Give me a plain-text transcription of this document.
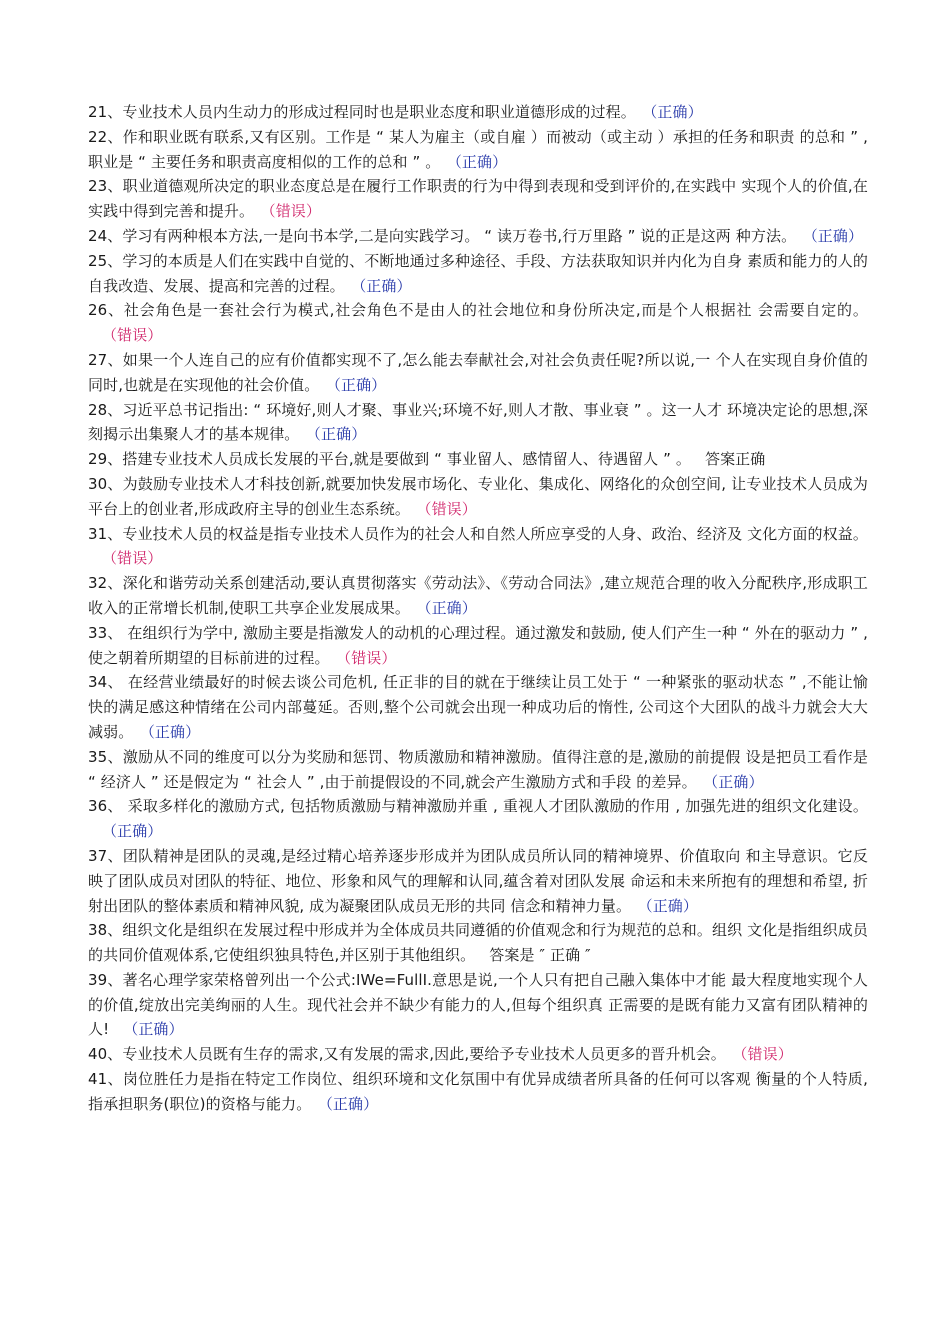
21、专业技术人员内生动力的形成过程同时也是职业态度和职业道德形成的过程。 （正确）

22、作和职业既有联系,又有区别。工作是 “ 某人为雇主（或自雇 ）而被动（或主动 ）承担的任务和职责 的总和 ” ,职业是 “ 主要任务和职责高度相似的工作的总和 ” 。 （正确）

23、职业道德观所决定的职业态度总是在履行工作职责的行为中得到表现和受到评价的,在实践中 实现个人的价值,在实践中得到完善和提升。 （错误）

24、学习有两种根本方法,一是向书本学,二是向实践学习。 “ 读万卷书,行万里路 ” 说的正是这两 种方法。 （正确）

25、学习的本质是人们在实践中自觉的、不断地通过多种途径、手段、方法获取知识并内化为自身 素质和能力的人的自我改造、发展、提高和完善的过程。 （正确）

26、社会角色是一套社会行为模式,社会角色不是由人的社会地位和身份所决定,而是个人根据社 会需要自定的。（错误）

27、如果一个人连自己的应有价值都实现不了,怎么能去奉献社会,对社会负责任呢?所以说,一 个人在实现自身价值的同时,也就是在实现他的社会价值。 （正确）

28、习近平总书记指出: “ 环境好,则人才聚、事业兴;环境不好,则人才散、事业衰 ” 。这一人才 环境决定论的思想,深刻揭示出集聚人才的基本规律。 （正确）

29、搭建专业技术人员成长发展的平台,就是要做到 “ 事业留人、感情留人、待遇留人 ” 。 答案正确

30、为鼓励专业技术人才科技创新,就要加快发展市场化、专业化、集成化、网络化的众创空间, 让专业技术人员成为平台上的创业者,形成政府主导的创业生态系统。 （错误）

31、专业技术人员的权益是指专业技术人员作为的社会人和自然人所应享受的人身、政治、经济及 文化方面的权益。（错误）

32、深化和谐劳动关系创建活动,要认真贯彻落实《劳动法》、《劳动合同法》,建立规范合理的收入分配秩序,形成职工收入的正常增长机制,使职工共享企业发展成果。 （正确）

33、 在组织行为学中, 激励主要是指激发人的动机的心理过程。通过激发和鼓励, 使人们产生一种 “ 外在的驱动力 ” ,使之朝着所期望的目标前进的过程。 （错误）

34、 在经营业绩最好的时候去谈公司危机, 任正非的目的就在于继续让员工处于 “ 一种紧张的驱动状态 ” ,不能让愉快的满足感这种情绪在公司内部蔓延。否则,整个公司就会出现一种成功后的惰性, 公司这个大团队的战斗力就会大大减弱。 （正确）

35、激励从不同的维度可以分为奖励和惩罚、物质激励和精神激励。值得注意的是,激励的前提假 设是把员工看作是 “ 经济人 ” 还是假定为 “ 社会人 ” ,由于前提假设的不同,就会产生激励方式和手段 的差异。 （正确）

36、 采取多样化的激励方式, 包括物质激励与精神激励并重 , 重视人才团队激励的作用 , 加强先进的组织文化建设。（正确）

37、团队精神是团队的灵魂,是经过精心培养逐步形成并为团队成员所认同的精神境界、价值取向 和主导意识。它反映了团队成员对团队的特征、地位、形象和风气的理解和认同,蕴含着对团队发展 命运和未来所抱有的理想和希望, 折射出团队的整体素质和精神风貌, 成为凝聚团队成员无形的共同 信念和精神力量。 （正确）

38、组织文化是组织在发展过程中形成并为全体成员共同遵循的价值观念和行为规范的总和。组织 文化是指组织成员的共同价值观体系,它使组织独具特色,并区别于其他组织。 答案是 ″ 正确 ″

39、著名心理学家荣格曾列出一个公式:IWe=FullI.意思是说,一个人只有把自己融入集体中才能 最大程度地实现个人的价值,绽放出完美绚丽的人生。现代社会并不缺少有能力的人,但每个组织真 正需要的是既有能力又富有团队精神的人! （正确）

40、专业技术人员既有生存的需求,又有发展的需求,因此,要给予专业技术人员更多的晋升机会。 （错误）

41、岗位胜任力是指在特定工作岗位、组织环境和文化氛围中有优异成绩者所具备的任何可以客观 衡量的个人特质,指承担职务(职位)的资格与能力。 （正确）
